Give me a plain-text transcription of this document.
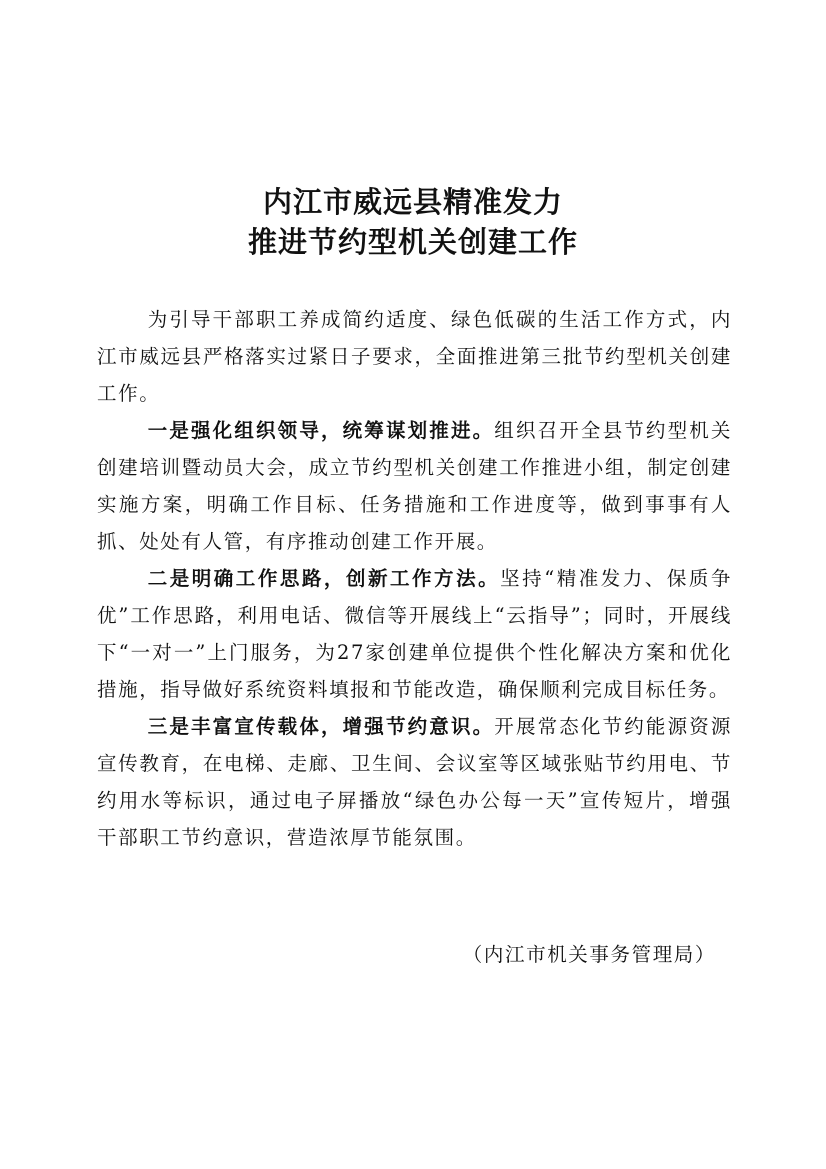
内江市威远县精准发力
推进节约型机关创建工作

为引导干部职工养成简约适度、绿色低碳的生活工作方式，内江市威远县严格落实过紧日子要求，全面推进第三批节约型机关创建工作。

一是强化组织领导，统筹谋划推进。组织召开全县节约型机关创建培训暨动员大会，成立节约型机关创建工作推进小组，制定创建实施方案，明确工作目标、任务措施和工作进度等，做到事事有人抓、处处有人管，有序推动创建工作开展。

二是明确工作思路，创新工作方法。坚持“精准发力、保质争优”工作思路，利用电话、微信等开展线上“云指导”；同时，开展线下“一对一”上门服务，为27家创建单位提供个性化解决方案和优化措施，指导做好系统资料填报和节能改造，确保顺利完成目标任务。

三是丰富宣传载体，增强节约意识。开展常态化节约能源资源宣传教育，在电梯、走廊、卫生间、会议室等区域张贴节约用电、节约用水等标识，通过电子屏播放“绿色办公每一天”宣传短片，增强干部职工节约意识，营造浓厚节能氛围。

（内江市机关事务管理局）
